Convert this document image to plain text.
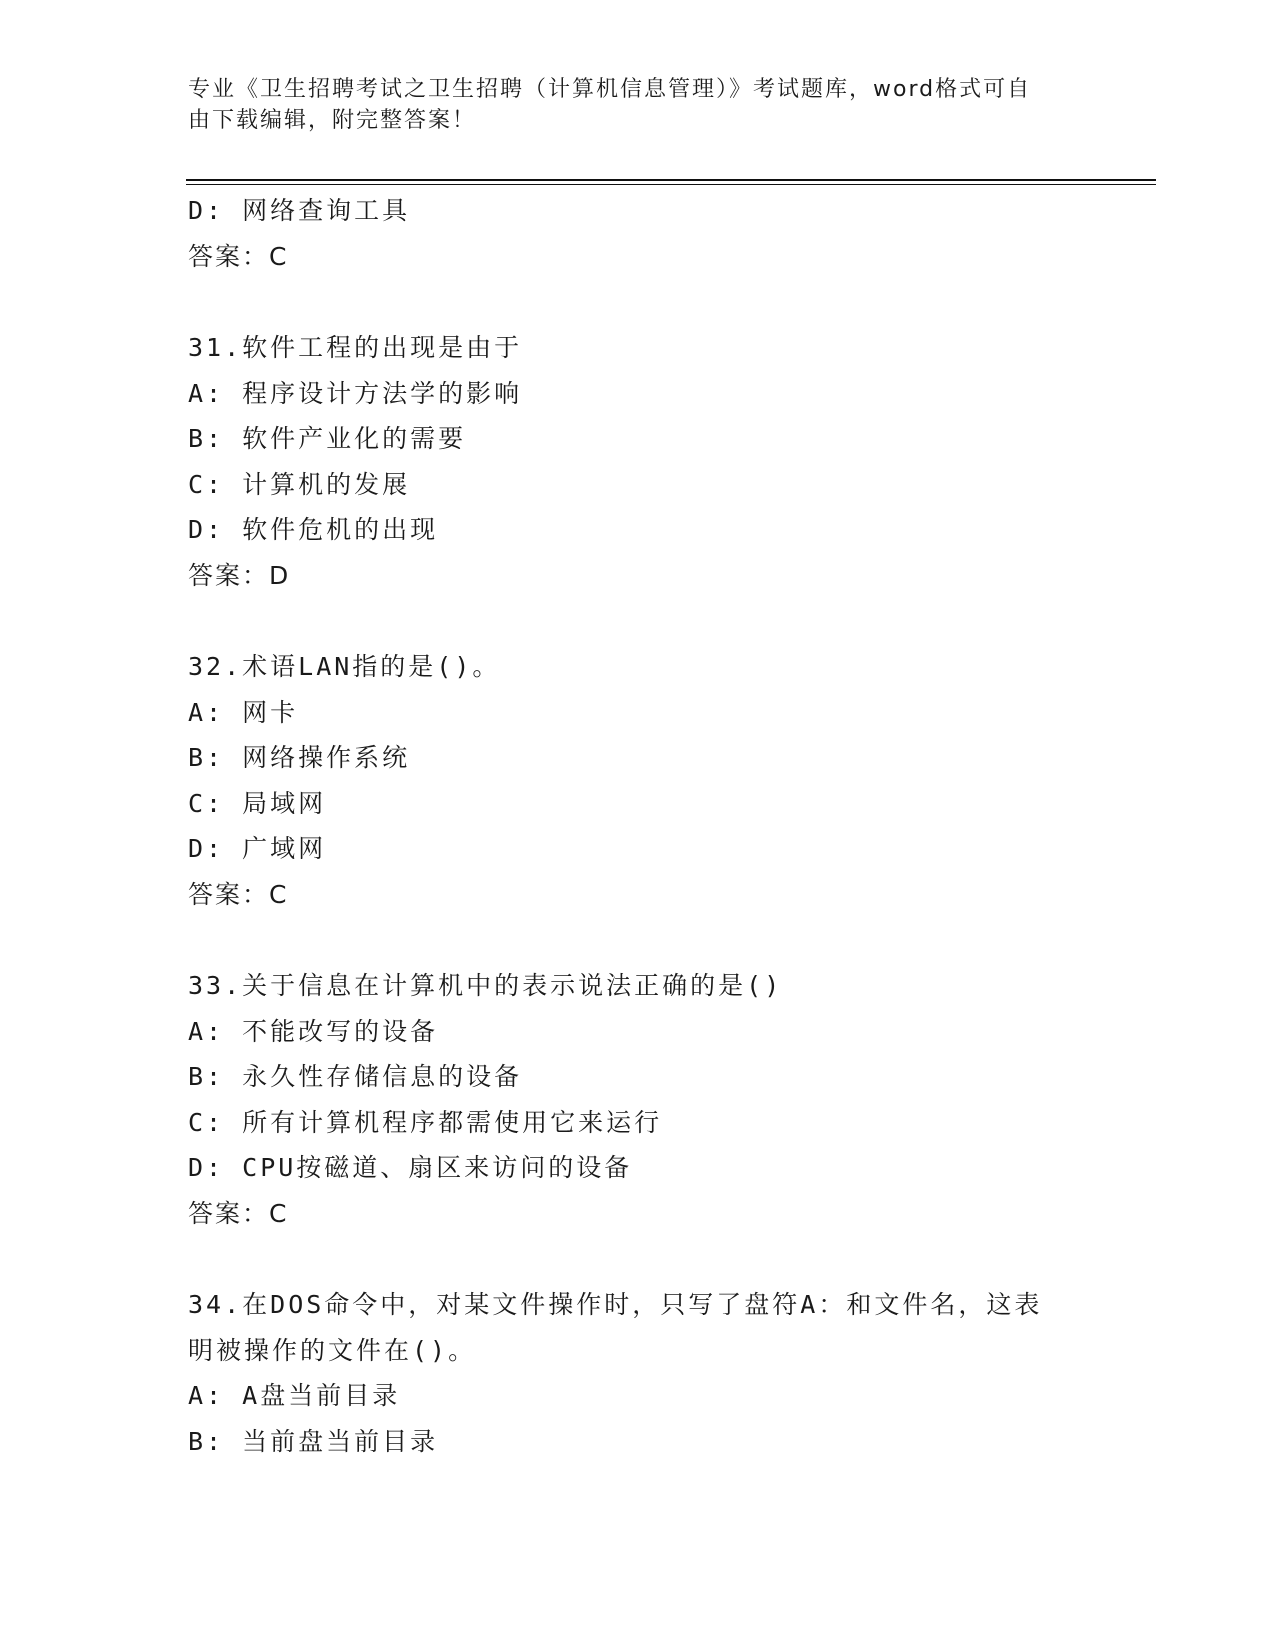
专业《卫生招聘考试之卫生招聘（计算机信息管理）》考试题库，word格式可自
由下载编辑，附完整答案！
D: 网络查询工具
答案：C
31.软件工程的出现是由于
A: 程序设计方法学的影响
B: 软件产业化的需要
C: 计算机的发展
D: 软件危机的出现
答案：D
32.术语LAN指的是()。
A: 网卡
B: 网络操作系统
C: 局域网
D: 广域网
答案：C
33.关于信息在计算机中的表示说法正确的是()
A: 不能改写的设备
B: 永久性存储信息的设备
C: 所有计算机程序都需使用它来运行
D: CPU按磁道、扇区来访问的设备
答案：C
34.在DOS命令中，对某文件操作时，只写了盘符A：和文件名，这表
明被操作的文件在()。
A: A盘当前目录
B: 当前盘当前目录
